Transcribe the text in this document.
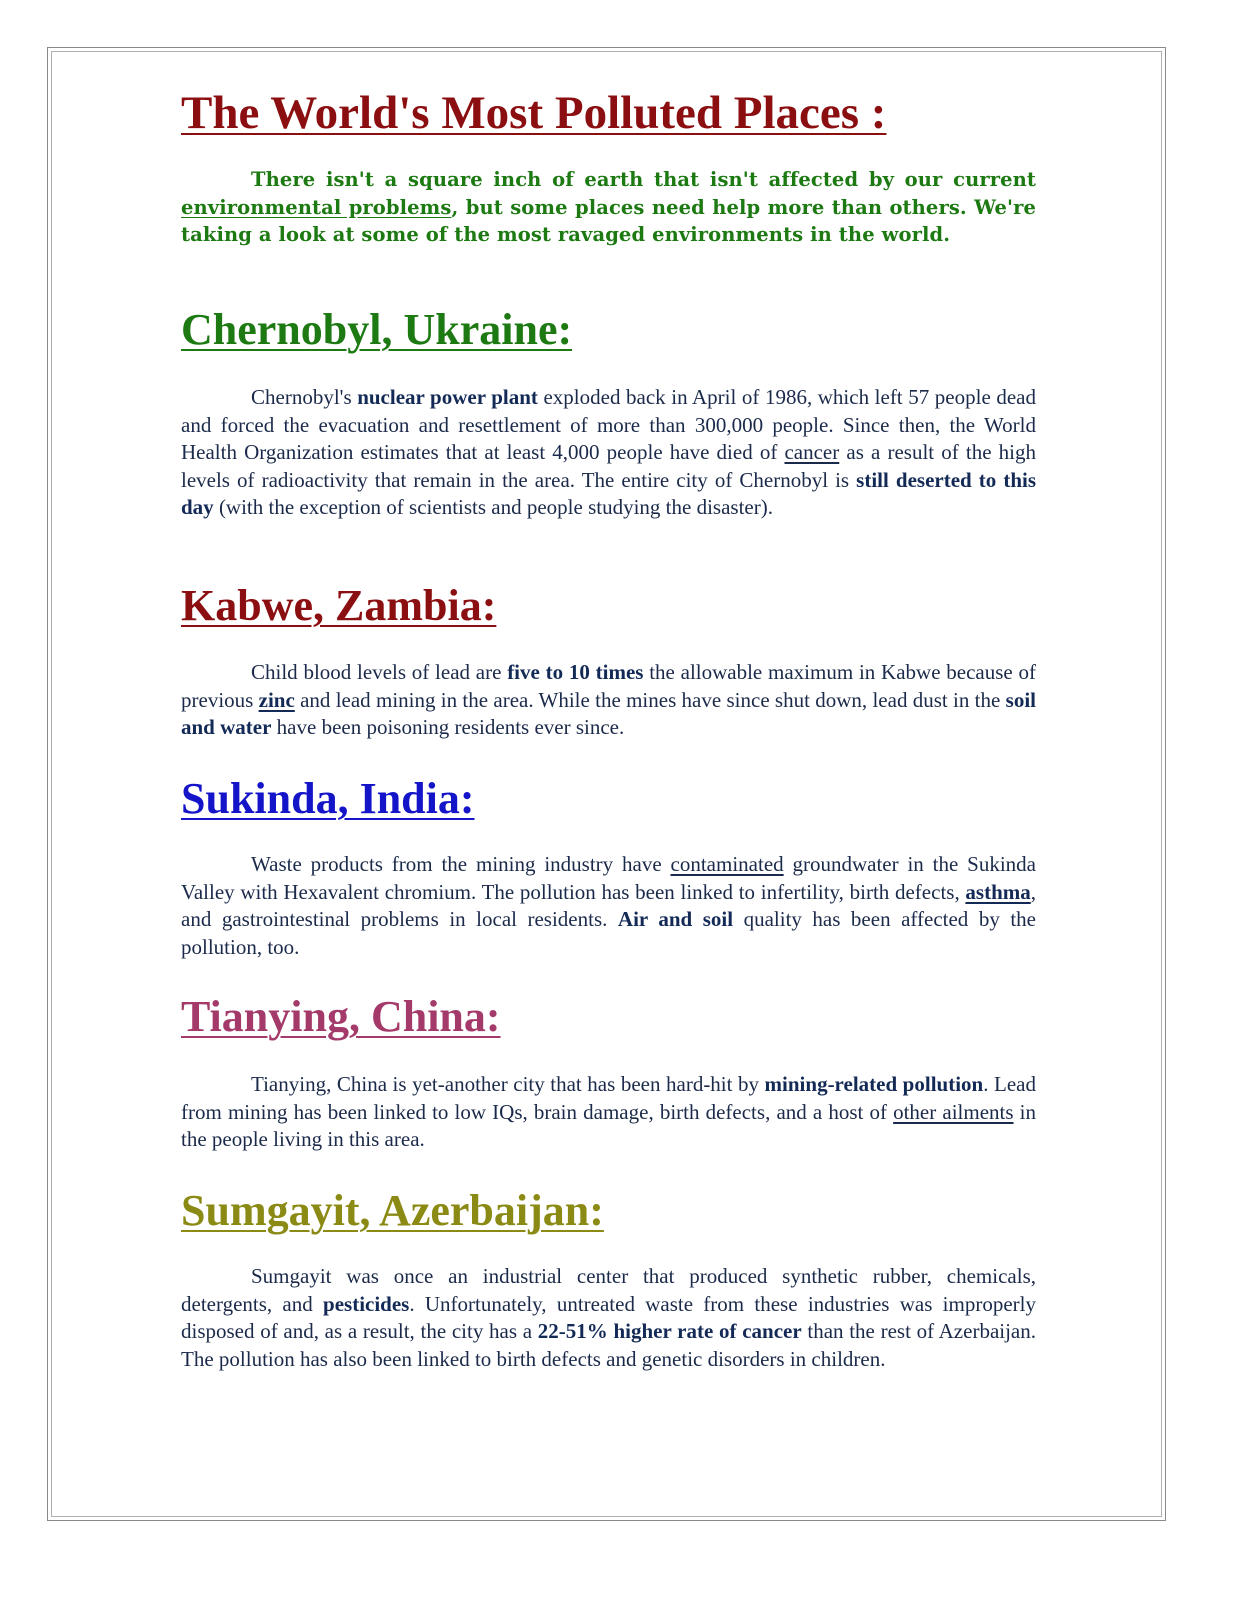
The World's Most Polluted Places :

There isn't a square inch of earth that isn't affected by our current environmental problems, but some places need help more than others. We're taking a look at some of the most ravaged environments in the world.

Chernobyl, Ukraine:

Chernobyl's nuclear power plant exploded back in April of 1986, which left 57 people dead and forced the evacuation and resettlement of more than 300,000 people. Since then, the World Health Organization estimates that at least 4,000 people have died of cancer as a result of the high levels of radioactivity that remain in the area. The entire city of Chernobyl is still deserted to this day (with the exception of scientists and people studying the disaster).

Kabwe, Zambia:

Child blood levels of lead are five to 10 times the allowable maximum in Kabwe because of previous zinc and lead mining in the area. While the mines have since shut down, lead dust in the soil and water have been poisoning residents ever since.

Sukinda, India:

Waste products from the mining industry have contaminated groundwater in the Sukinda Valley with Hexavalent chromium. The pollution has been linked to infertility, birth defects, asthma, and gastrointestinal problems in local residents. Air and soil quality has been affected by the pollution, too.

Tianying, China:

Tianying, China is yet-another city that has been hard-hit by mining-related pollution. Lead from mining has been linked to low IQs, brain damage, birth defects, and a host of other ailments in the people living in this area.

Sumgayit, Azerbaijan:

Sumgayit was once an industrial center that produced synthetic rubber, chemicals, detergents, and pesticides. Unfortunately, untreated waste from these industries was improperly disposed of and, as a result, the city has a 22-51% higher rate of cancer than the rest of Azerbaijan. The pollution has also been linked to birth defects and genetic disorders in children.
